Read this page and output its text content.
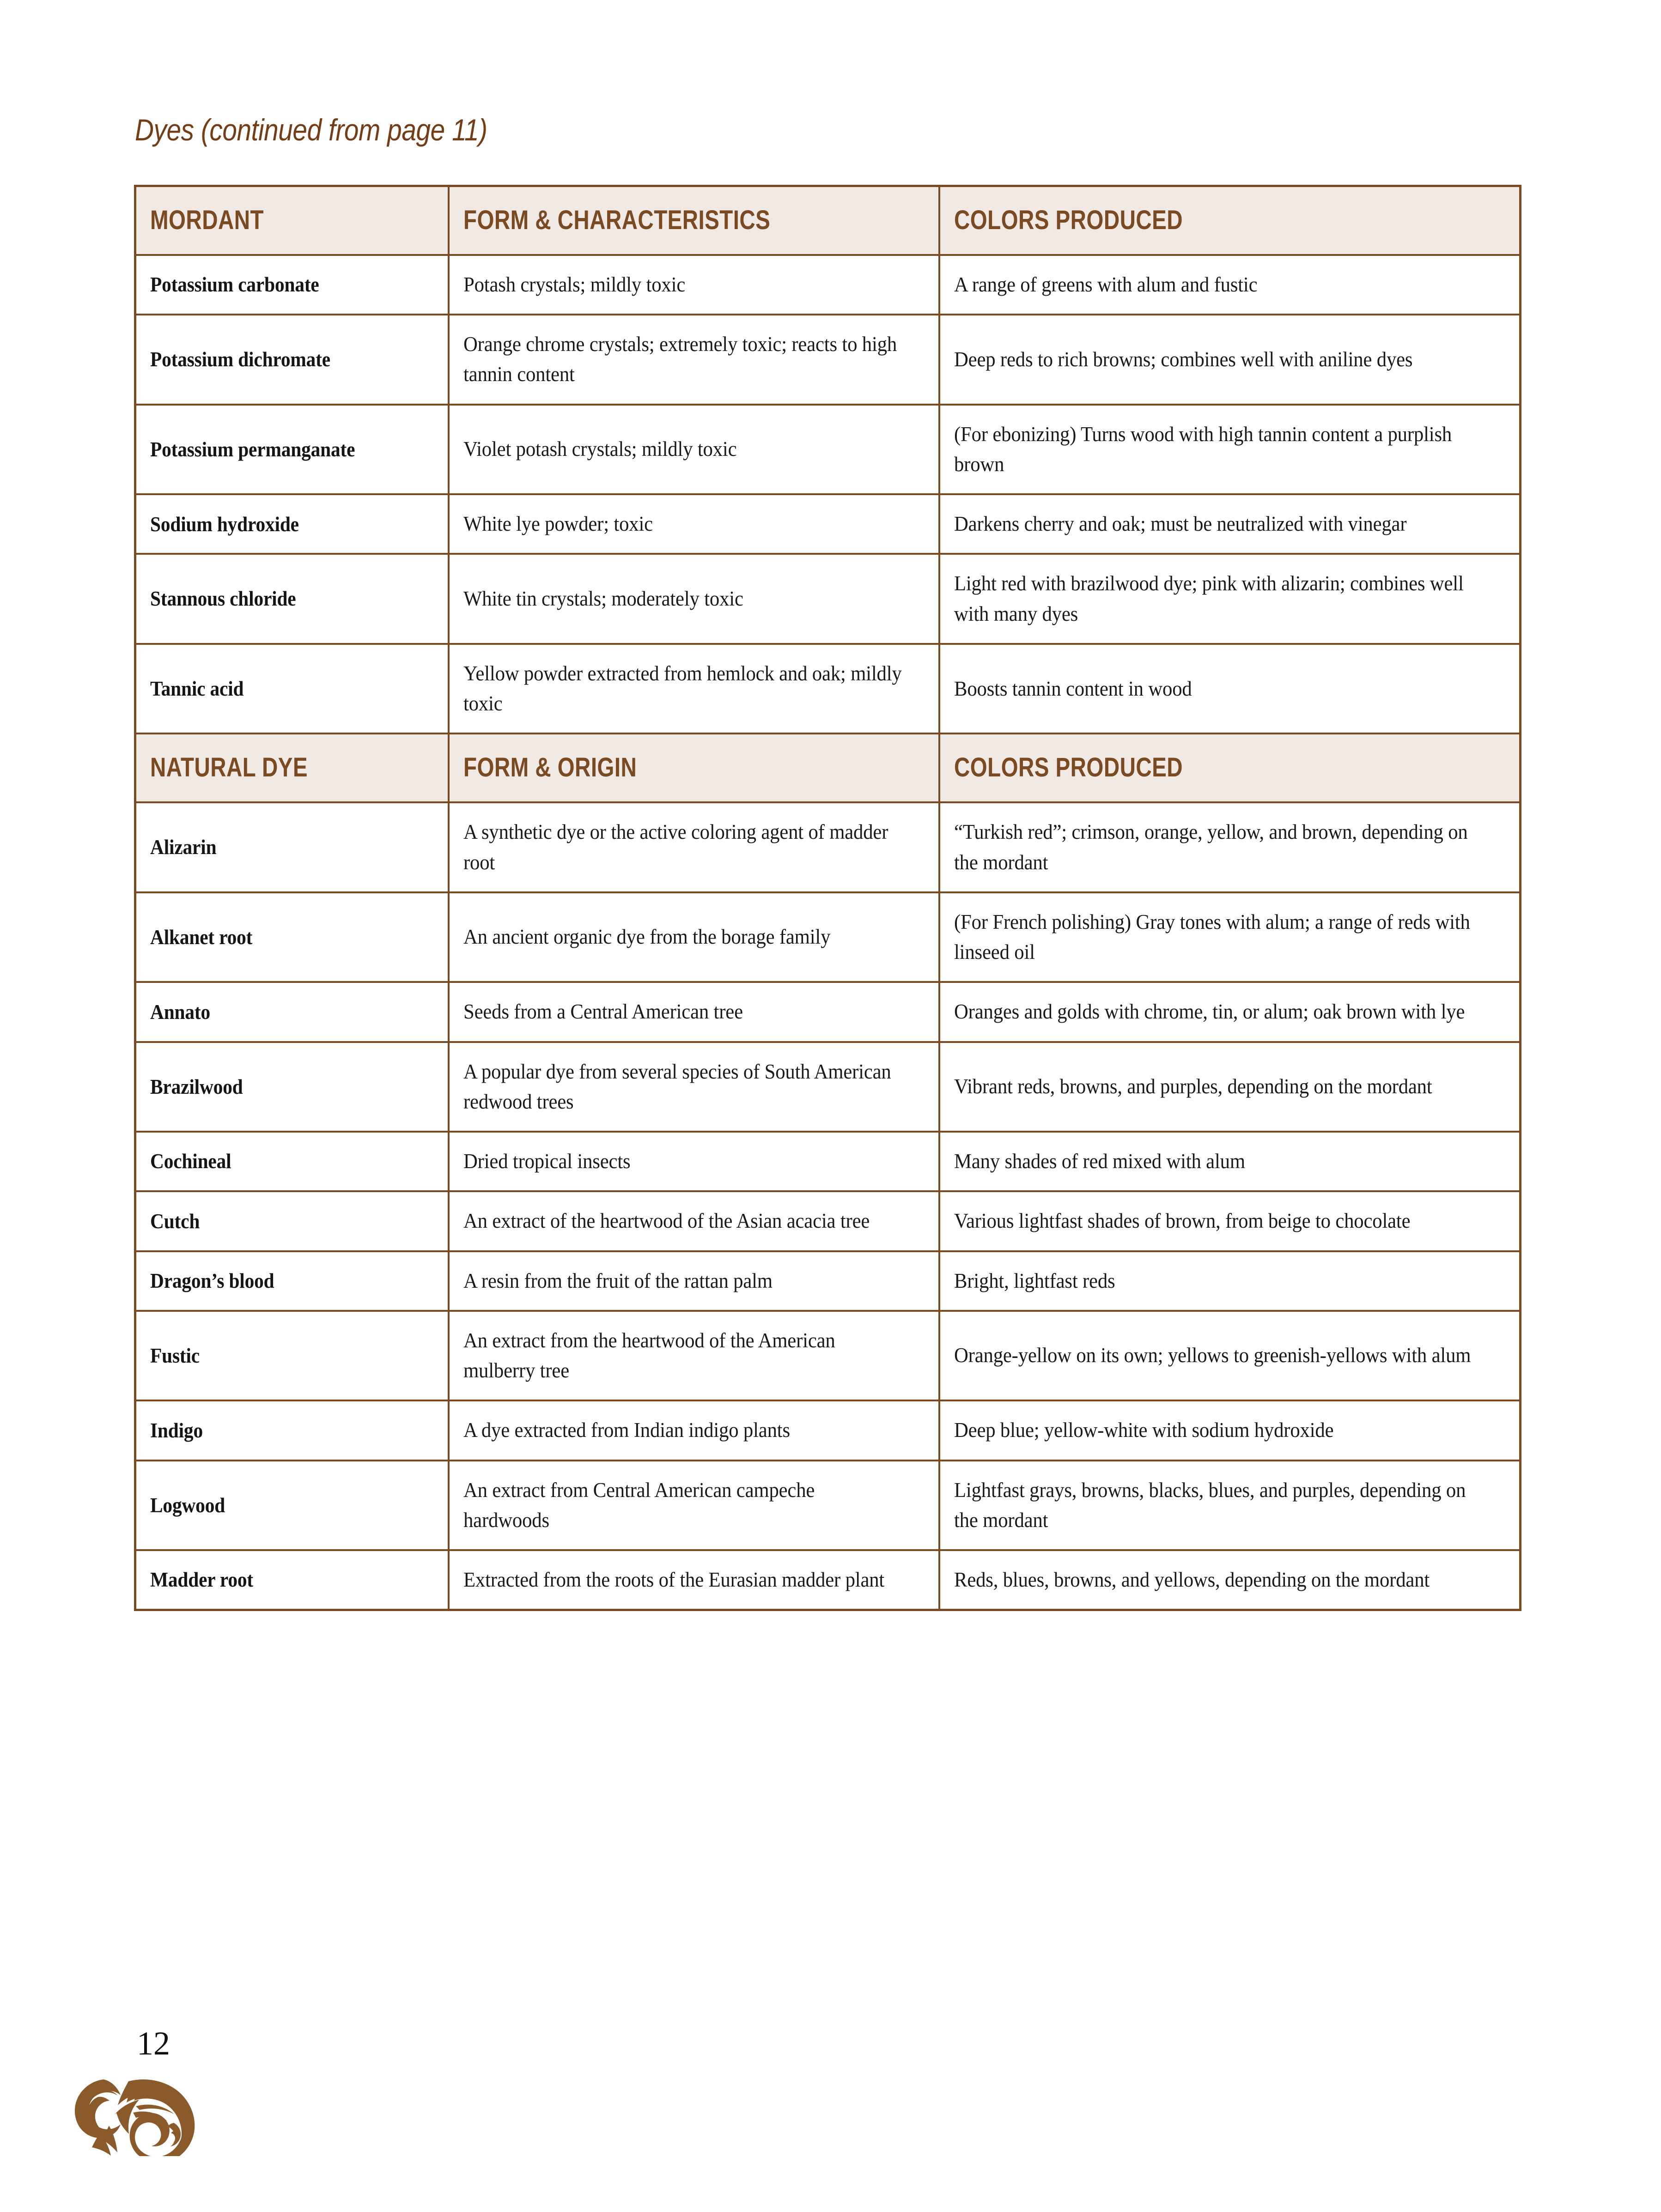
Dyes (continued from page 11)
MORDANT	FORM & CHARACTERISTICS	COLORS PRODUCED
Potassium carbonate	Potash crystals; mildly toxic	A range of greens with alum and fustic
Potassium dichromate	Orange chrome crystals; extremely toxic; reacts to high tannin content	Deep reds to rich browns; combines well with aniline dyes
Potassium permanganate	Violet potash crystals; mildly toxic	(For ebonizing) Turns wood with high tannin content a purplish brown
Sodium hydroxide	White lye powder; toxic	Darkens cherry and oak; must be neutralized with vinegar
Stannous chloride	White tin crystals; moderately toxic	Light red with brazilwood dye; pink with alizarin; combines well with many dyes
Tannic acid	Yellow powder extracted from hemlock and oak; mildly toxic	Boosts tannin content in wood
NATURAL DYE	FORM & ORIGIN	COLORS PRODUCED
Alizarin	A synthetic dye or the active coloring agent of madder root	“Turkish red”; crimson, orange, yellow, and brown, depending on the mordant
Alkanet root	An ancient organic dye from the borage family	(For French polishing) Gray tones with alum; a range of reds with linseed oil
Annato	Seeds from a Central American tree	Oranges and golds with chrome, tin, or alum; oak brown with lye
Brazilwood	A popular dye from several species of South American redwood trees	Vibrant reds, browns, and purples, depending on the mordant
Cochineal	Dried tropical insects	Many shades of red mixed with alum
Cutch	An extract of the heartwood of the Asian acacia tree	Various lightfast shades of brown, from beige to chocolate
Dragon’s blood	A resin from the fruit of the rattan palm	Bright, lightfast reds
Fustic	An extract from the heartwood of the American mulberry tree	Orange-yellow on its own; yellows to greenish-yellows with alum
Indigo	A dye extracted from Indian indigo plants	Deep blue; yellow-white with sodium hydroxide
Logwood	An extract from Central American campeche hardwoods	Lightfast grays, browns, blacks, blues, and purples, depending on the mordant
Madder root	Extracted from the roots of the Eurasian madder plant	Reds, blues, browns, and yellows, depending on the mordant
12
